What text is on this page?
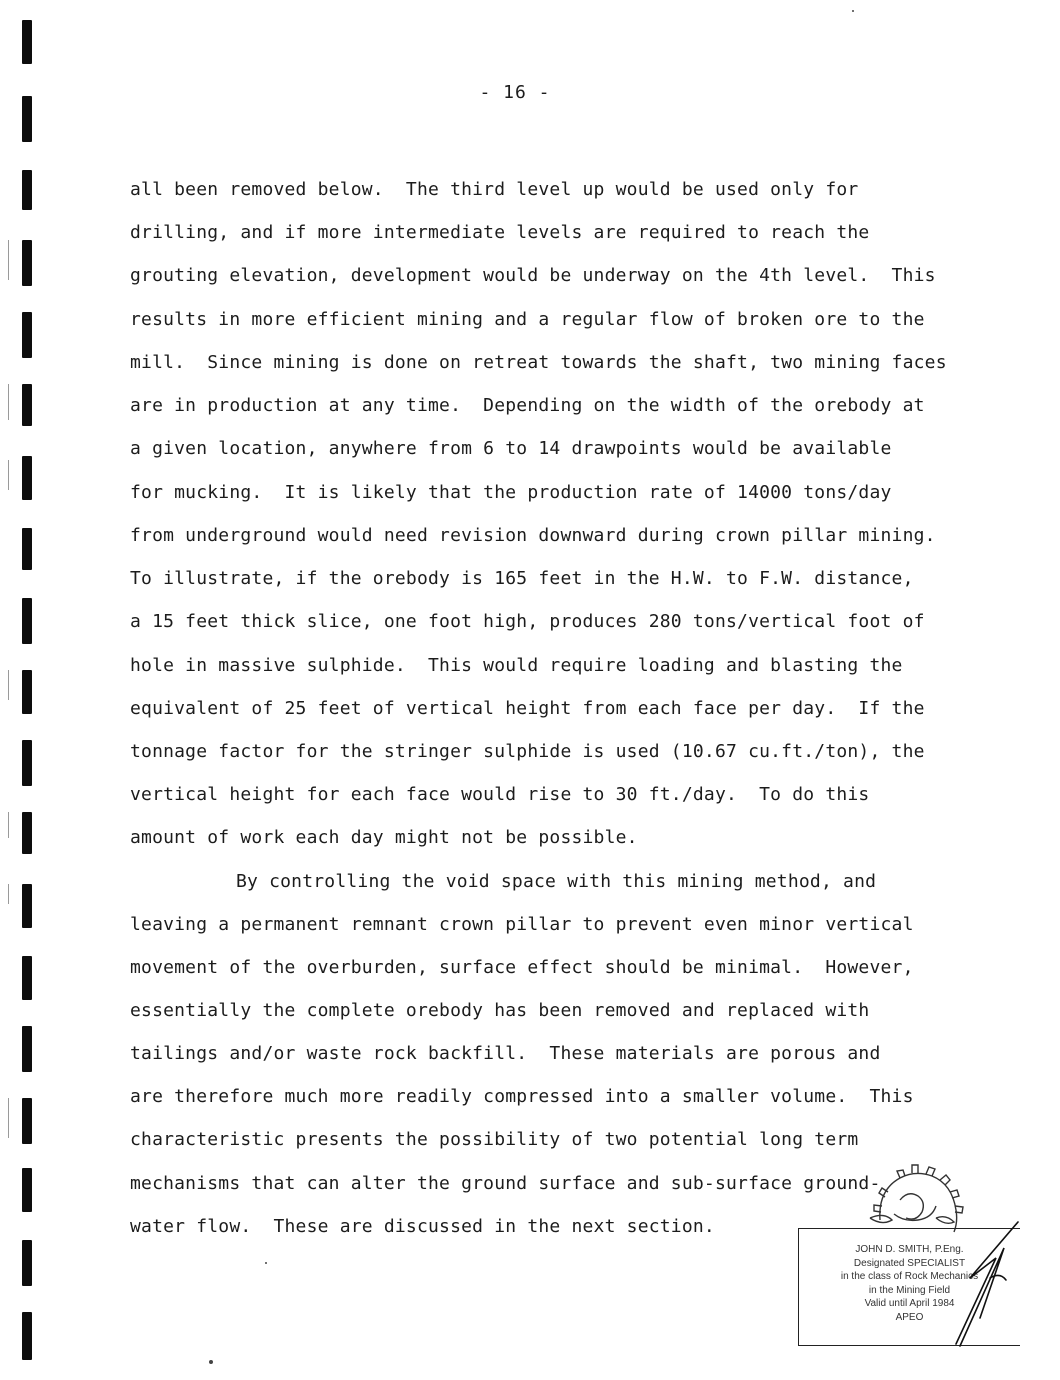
- 16 -
all been removed below.  The third level up would be used only for
drilling, and if more intermediate levels are required to reach the
grouting elevation, development would be underway on the 4th level.  This
results in more efficient mining and a regular flow of broken ore to the
mill.  Since mining is done on retreat towards the shaft, two mining faces
are in production at any time.  Depending on the width of the orebody at
a given location, anywhere from 6 to 14 drawpoints would be available
for mucking.  It is likely that the production rate of 14000 tons/day
from underground would need revision downward during crown pillar mining.
To illustrate, if the orebody is 165 feet in the H.W. to F.W. distance,
a 15 feet thick slice, one foot high, produces 280 tons/vertical foot of
hole in massive sulphide.  This would require loading and blasting the
equivalent of 25 feet of vertical height from each face per day.  If the
tonnage factor for the stringer sulphide is used (10.67 cu.ft./ton), the
vertical height for each face would rise to 30 ft./day.  To do this
amount of work each day might not be possible.
By controlling the void space with this mining method, and
leaving a permanent remnant crown pillar to prevent even minor vertical
movement of the overburden, surface effect should be minimal.  However,
essentially the complete orebody has been removed and replaced with
tailings and/or waste rock backfill.  These materials are porous and
are therefore much more readily compressed into a smaller volume.  This
characteristic presents the possibility of two potential long term
mechanisms that can alter the ground surface and sub-surface ground-
water flow.  These are discussed in the next section.
JOHN D. SMITH, P.Eng.
Designated SPECIALIST
in the class of Rock Mechanics
in the Mining Field
Valid until April 1984
APEO
